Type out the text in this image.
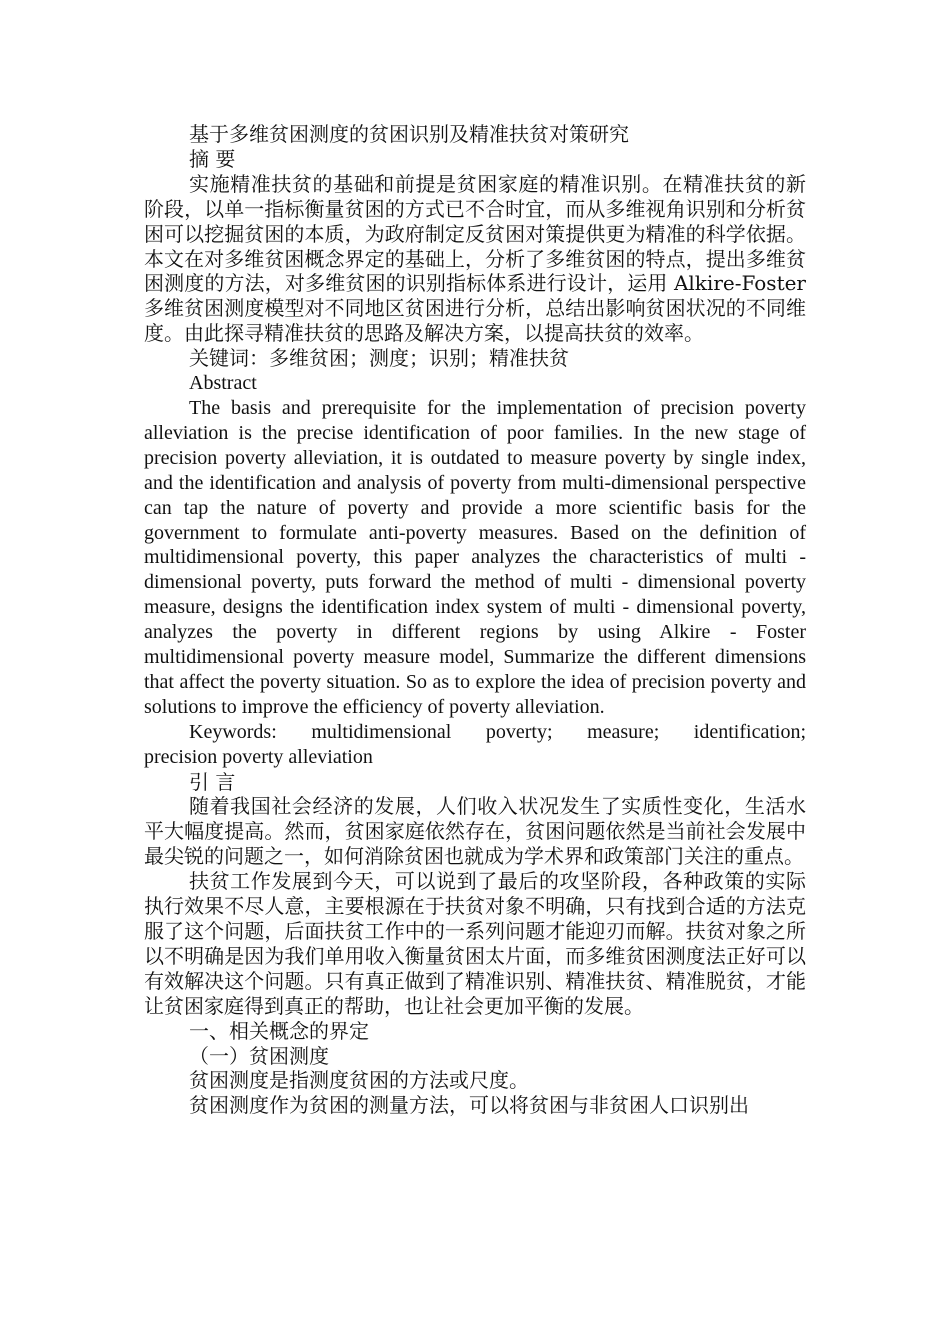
基于多维贫困测度的贫困识别及精准扶贫对策研究

摘 要

实施精准扶贫的基础和前提是贫困家庭的精准识别。在精准扶贫的新阶段，以单一指标衡量贫困的方式已不合时宜，而从多维视角识别和分析贫困可以挖掘贫困的本质，为政府制定反贫困对策提供更为精准的科学依据。本文在对多维贫困概念界定的基础上，分析了多维贫困的特点，提出多维贫困测度的方法，对多维贫困的识别指标体系进行设计，运用 Alkire-Foster 多维贫困测度模型对不同地区贫困进行分析，总结出影响贫困状况的不同维度。由此探寻精准扶贫的思路及解决方案，以提高扶贫的效率。

关键词：多维贫困；测度；识别；精准扶贫

Abstract

The basis and prerequisite for the implementation of precision poverty alleviation is the precise identification of poor families. In the new stage of precision poverty alleviation, it is outdated to measure poverty by single index, and the identification and analysis of poverty from multi-dimensional perspective can tap the nature of poverty and provide a more scientific basis for the government to formulate anti-poverty measures. Based on the definition of multidimensional poverty, this paper analyzes the characteristics of multi - dimensional poverty, puts forward the method of multi - dimensional poverty measure, designs the identification index system of multi - dimensional poverty, analyzes the poverty in different regions by using Alkire - Foster multidimensional poverty measure model, Summarize the different dimensions that affect the poverty situation. So as to explore the idea of precision poverty and solutions to improve the efficiency of poverty alleviation.

Keywords: multidimensional poverty; measure; identification;

precision poverty alleviation

引 言

随着我国社会经济的发展，人们收入状况发生了实质性变化，生活水平大幅度提高。然而，贫困家庭依然存在，贫困问题依然是当前社会发展中最尖锐的问题之一，如何消除贫困也就成为学术界和政策部门关注的重点。

扶贫工作发展到今天，可以说到了最后的攻坚阶段，各种政策的实际执行效果不尽人意，主要根源在于扶贫对象不明确，只有找到合适的方法克服了这个问题，后面扶贫工作中的一系列问题才能迎刃而解。扶贫对象之所以不明确是因为我们单用收入衡量贫困太片面，而多维贫困测度法正好可以有效解决这个问题。只有真正做到了精准识别、精准扶贫、精准脱贫，才能让贫困家庭得到真正的帮助，也让社会更加平衡的发展。

一、相关概念的界定

（一）贫困测度

贫困测度是指测度贫困的方法或尺度。

贫困测度作为贫困的测量方法，可以将贫困与非贫困人口识别出
